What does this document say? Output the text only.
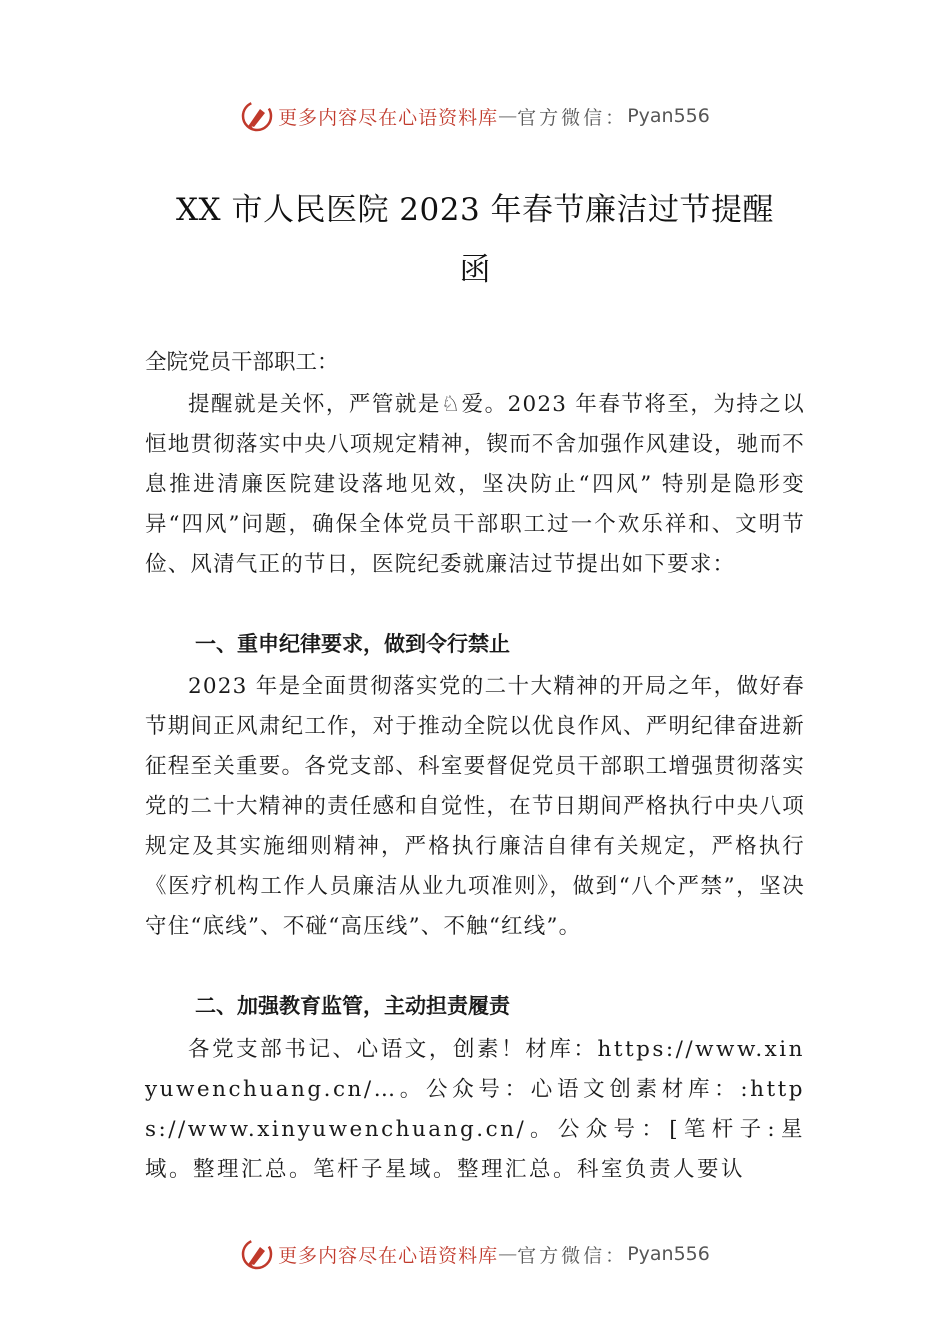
更多内容尽在心语资料库 — 官方微信： Pyan556
XX 市人民医院 2023 年春节廉洁过节提醒
函
全院党员干部职工：
提醒就是关怀，严管就是♘爱。2023 年春节将至，为持之以恒地贯彻落实中央八项规定精神，锲而不舍加强作风建设，驰而不息推进清廉医院建设落地见效，坚决防止“四风” 特别是隐形变异“四风”问题，确保全体党员干部职工过一个欢乐祥和、文明节俭、风清气正的节日，医院纪委就廉洁过节提出如下要求：
一、重申纪律要求，做到令行禁止
2023 年是全面贯彻落实党的二十大精神的开局之年，做好春节期间正风肃纪工作，对于推动全院以优良作风、严明纪律奋进新征程至关重要。各党支部、科室要督促党员干部职工增强贯彻落实党的二十大精神的责任感和自觉性，在节日期间严格执行中央八项规定及其实施细则精神，严格执行廉洁自律有关规定，严格执行《医疗机构工作人员廉洁从业九项准则》，做到“八个严禁”，坚决守住“底线”、不碰“高压线”、不触“红线”。
二、加强教育监管，主动担责履责
各党支部书记、心语文，创素！材库：https://www.xinyuwenchuang.cn/…。公众号：心语文创素材库：:https://www.xinyuwenchuang.cn/。公众号：[笔杆子:星域。整理汇总。笔杆子星域。整理汇总。科室负责人要认
更多内容尽在心语资料库 — 官方微信： Pyan556
